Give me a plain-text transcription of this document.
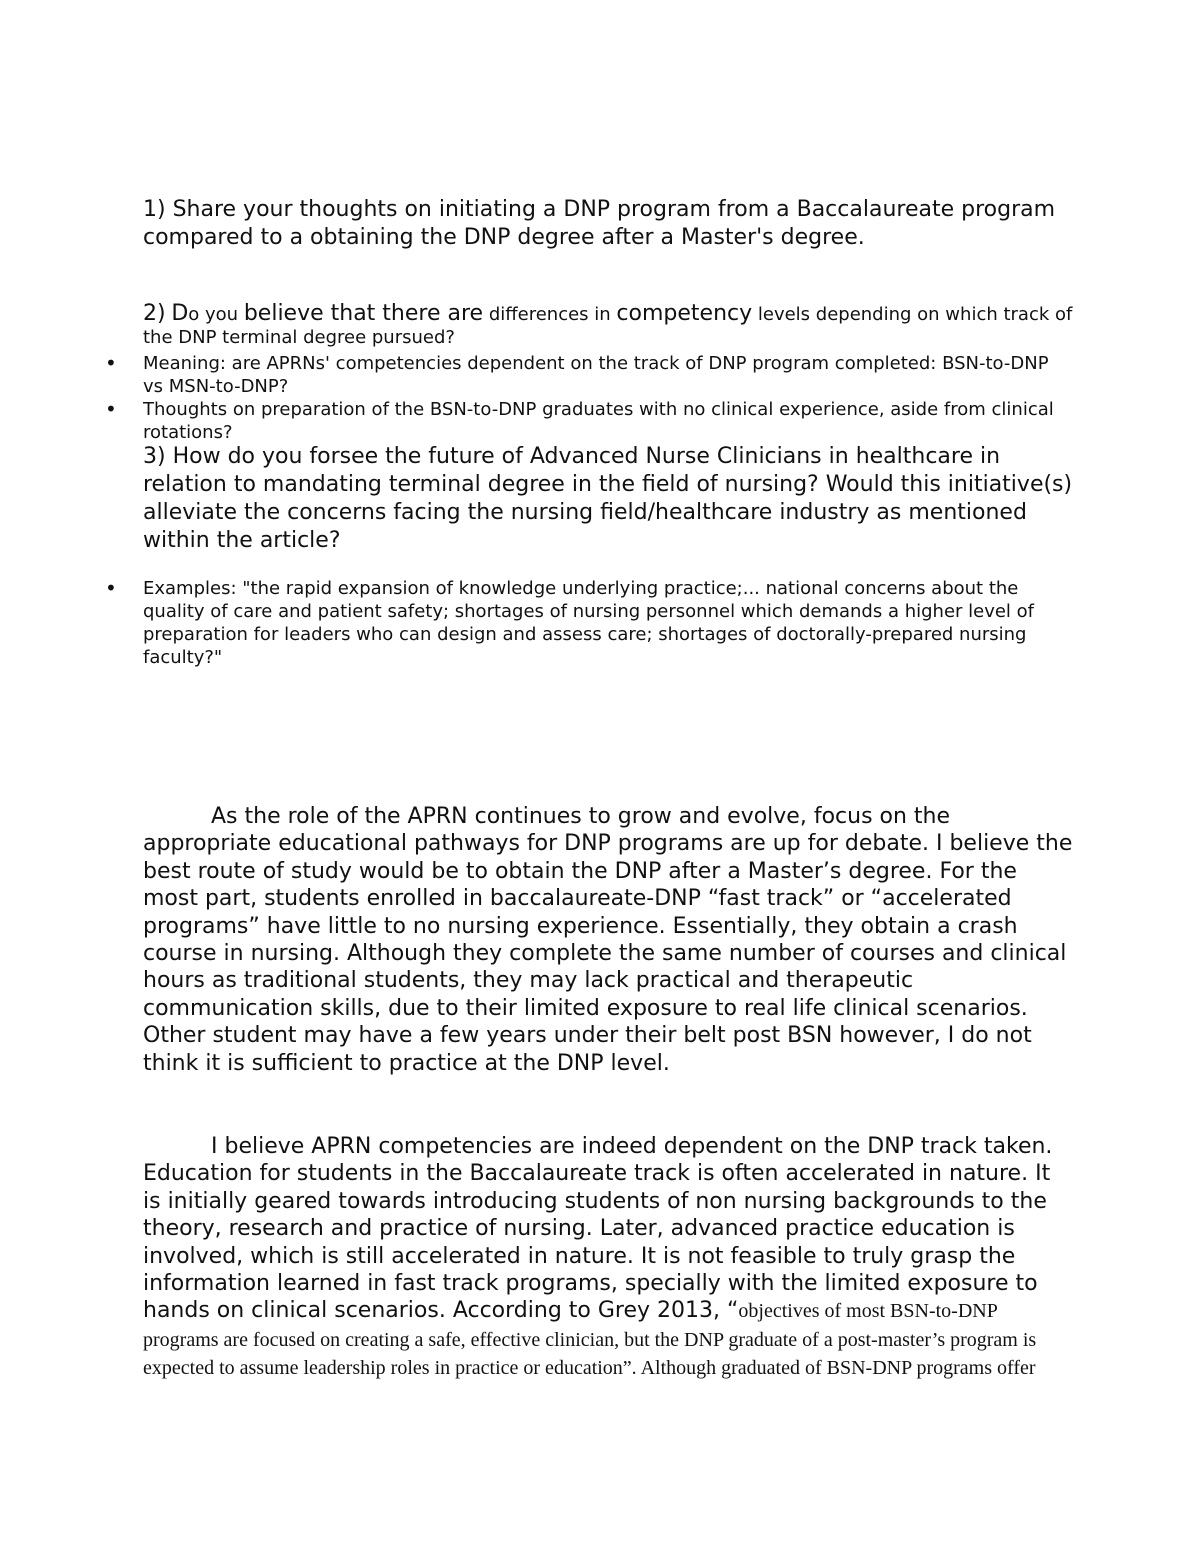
1) Share your thoughts on initiating a DNP program from a Baccalaureate program compared to a obtaining the DNP degree after a Master's degree.
2) Do you believe that there are differences in competency levels depending on which track of the DNP terminal degree pursued?
• Meaning: are APRNs' competencies dependent on the track of DNP program completed: BSN-to-DNP vs MSN-to-DNP?
• Thoughts on preparation of the BSN-to-DNP graduates with no clinical experience, aside from clinical rotations?
3) How do you forsee the future of Advanced Nurse Clinicians in healthcare in relation to mandating terminal degree in the field of nursing? Would this initiative(s) alleviate the concerns facing the nursing field/healthcare industry as mentioned within the article?
• Examples: "the rapid expansion of knowledge underlying practice;... national concerns about the quality of care and patient safety; shortages of nursing personnel which demands a higher level of preparation for leaders who can design and assess care; shortages of doctorally-prepared nursing faculty?"

As the role of the APRN continues to grow and evolve, focus on the appropriate educational pathways for DNP programs are up for debate. I believe the best route of study would be to obtain the DNP after a Master’s degree. For the most part, students enrolled in baccalaureate-DNP “fast track” or “accelerated programs” have little to no nursing experience. Essentially, they obtain a crash course in nursing. Although they complete the same number of courses and clinical hours as traditional students, they may lack practical and therapeutic communication skills, due to their limited exposure to real life clinical scenarios. Other student may have a few years under their belt post BSN however, I do not think it is sufficient to practice at the DNP level.

I believe APRN competencies are indeed dependent on the DNP track taken. Education for students in the Baccalaureate track is often accelerated in nature. It is initially geared towards introducing students of non nursing backgrounds to the theory, research and practice of nursing. Later, advanced practice education is involved, which is still accelerated in nature. It is not feasible to truly grasp the information learned in fast track programs, specially with the limited exposure to hands on clinical scenarios. According to Grey 2013, “objectives of most BSN-to-DNP programs are focused on creating a safe, effective clinician, but the DNP graduate of a post-master’s program is expected to assume leadership roles in practice or education”. Although graduated of BSN-DNP programs offer
